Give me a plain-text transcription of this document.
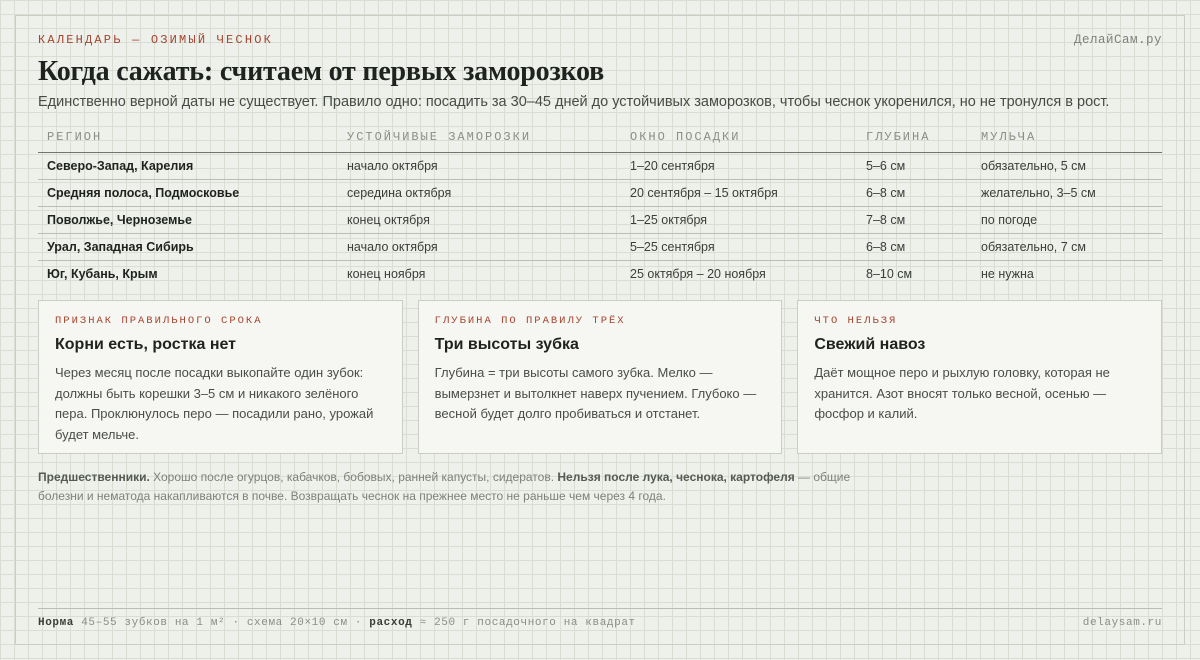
КАЛЕНДАРЬ — ОЗИМЫЙ ЧЕСНОК	ДелайСам.ру
Когда сажать: считаем от первых заморозков

Единственно верной даты не существует. Правило одно: посадить за 30–45 дней до устойчивых заморозков, чтобы чеснок укоренился, но не тронулся в рост.

РЕГИОН	УСТОЙЧИВЫЕ ЗАМОРОЗКИ	ОКНО ПОСАДКИ	ГЛУБИНА	МУЛЬЧА
Северо-Запад, Карелия	начало октября	1–20 сентября	5–6 см	обязательно, 5 см
Средняя полоса, Подмосковье	середина октября	20 сентября – 15 октября	6–8 см	желательно, 3–5 см
Поволжье, Черноземье	конец октября	1–25 октября	7–8 см	по погоде
Урал, Западная Сибирь	начало октября	5–25 сентября	6–8 см	обязательно, 7 см
Юг, Кубань, Крым	конец ноября	25 октября – 20 ноября	8–10 см	не нужна
ПРИЗНАК ПРАВИЛЬНОГО СРОКА
Корни есть, ростка нет
Через месяц после посадки выкопайте один зубок: должны быть корешки 3–5 см и никакого зелёного пера. Проклюнулось перо — посадили рано, урожай будет мельче.
ГЛУБИНА ПО ПРАВИЛУ ТРЁХ
Три высоты зубка
Глубина = три высоты самого зубка. Мелко — вымерзнет и вытолкнет наверх пучением. Глубоко — весной будет долго пробиваться и отстанет.
ЧТО НЕЛЬЗЯ
Свежий навоз
Даёт мощное перо и рыхлую головку, которая не хранится. Азот вносят только весной, осенью — фосфор и калий.

Предшественники. Хорошо после огурцов, кабачков, бобовых, ранней капусты, сидератов. Нельзя после лука, чеснока, картофеля — общие болезни и нематода накапливаются в почве. Возвращать чеснок на прежнее место не раньше чем через 4 года.

Норма 45–55 зубков на 1 м² · схема 20×10 см · расход ≈ 250 г посадочного на квадрат	delaysam.ru
